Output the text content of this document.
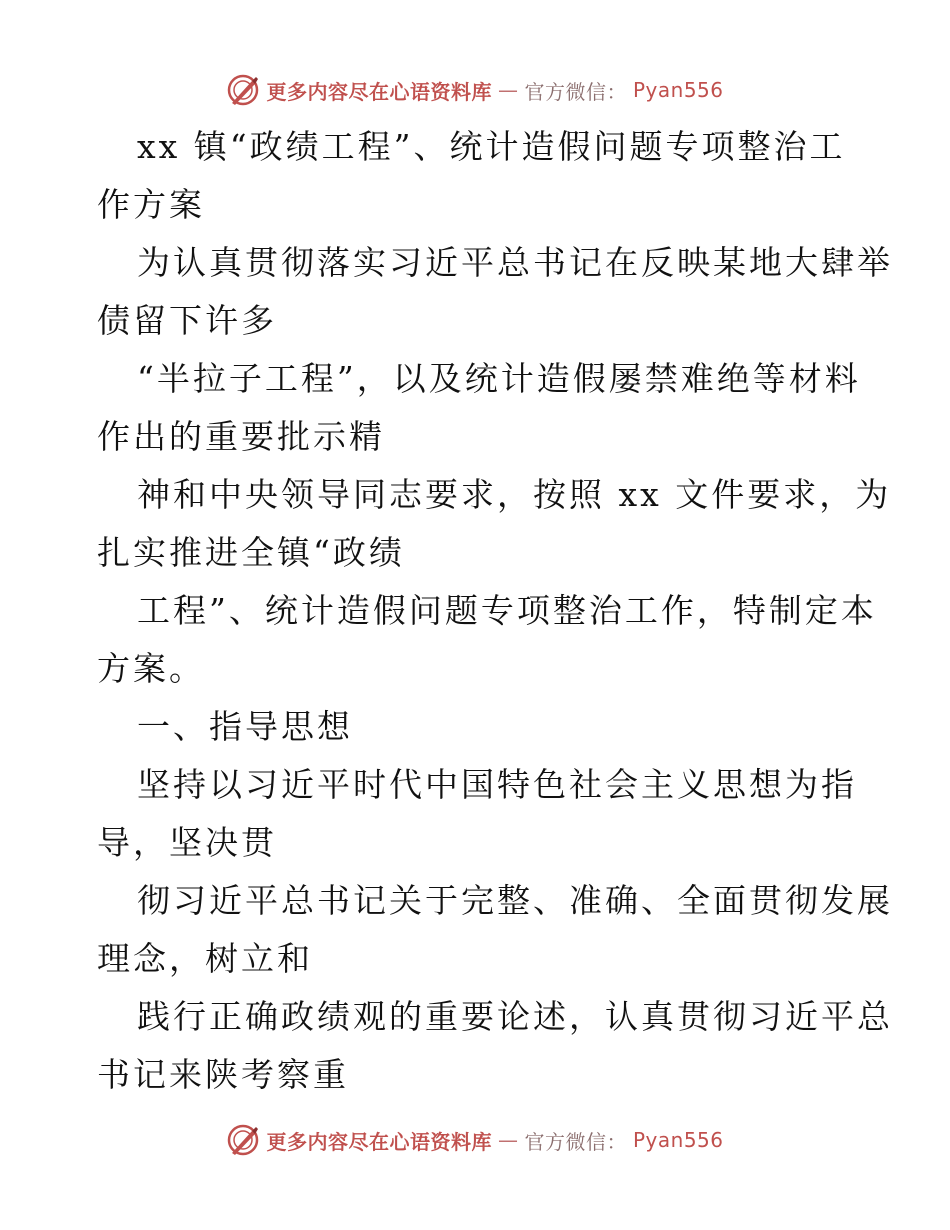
更多内容尽在心语资料库 — 官方微信： Pyan556
xx 镇“政绩工程”、统计造假问题专项整治工
作方案
为认真贯彻落实习近平总书记在反映某地大肆举
债留下许多
“半拉子工程”，以及统计造假屡禁难绝等材料
作出的重要批示精
神和中央领导同志要求，按照 xx 文件要求，为
扎实推进全镇“政绩
工程”、统计造假问题专项整治工作，特制定本
方案。
一、指导思想
坚持以习近平时代中国特色社会主义思想为指
导，坚决贯
彻习近平总书记关于完整、准确、全面贯彻发展
理念，树立和
践行正确政绩观的重要论述，认真贯彻习近平总
书记来陕考察重
更多内容尽在心语资料库 — 官方微信： Pyan556
